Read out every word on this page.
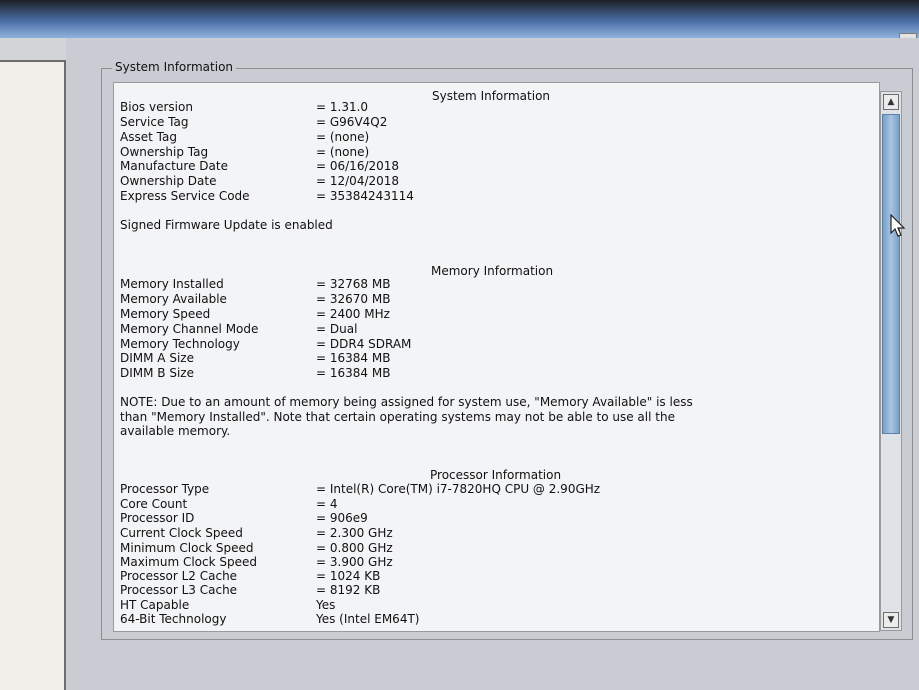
System Information
System Information
Bios version	= 1.31.0
Service Tag	= G96V4Q2
Asset Tag	= (none)
Ownership Tag	= (none)
Manufacture Date	= 06/16/2018
Ownership Date	= 12/04/2018
Express Service Code	= 35384243114
Signed Firmware Update is enabled
Memory Information
Memory Installed	= 32768 MB
Memory Available	= 32670 MB
Memory Speed	= 2400 MHz
Memory Channel Mode	= Dual
Memory Technology	= DDR4 SDRAM
DIMM A Size	= 16384 MB
DIMM B Size	= 16384 MB
NOTE: Due to an amount of memory being assigned for system use, "Memory Available" is less
than "Memory Installed". Note that certain operating systems may not be able to use all the
available memory.
Processor Information
Processor Type	= Intel(R) Core(TM) i7-7820HQ CPU @ 2.90GHz
Core Count	= 4
Processor ID	= 906e9
Current Clock Speed	= 2.300 GHz
Minimum Clock Speed	= 0.800 GHz
Maximum Clock Speed	= 3.900 GHz
Processor L2 Cache	= 1024 KB
Processor L3 Cache	= 8192 KB
HT Capable	Yes
64-Bit Technology	Yes (Intel EM64T)
▲
▼
